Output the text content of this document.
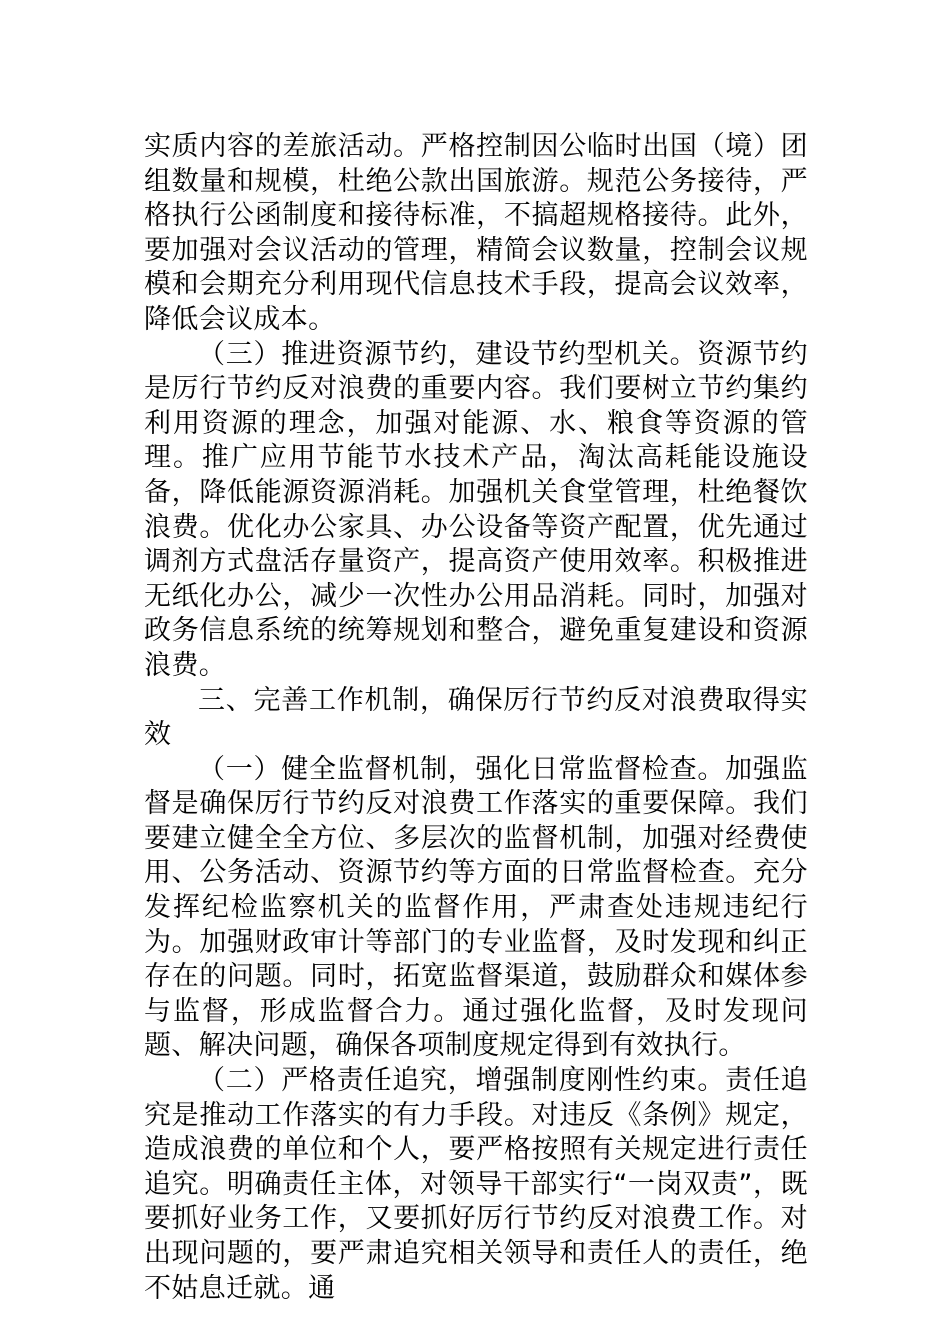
实质内容的差旅活动。严格控制因公临时出国（境）团组数量和规模，杜绝公款出国旅游。规范公务接待，严格执行公函制度和接待标准，不搞超规格接待。此外，要加强对会议活动的管理，精简会议数量，控制会议规模和会期充分利用现代信息技术手段，提高会议效率，降低会议成本。

（三）推进资源节约，建设节约型机关。资源节约是厉行节约反对浪费的重要内容。我们要树立节约集约利用资源的理念，加强对能源、水、粮食等资源的管理。推广应用节能节水技术产品，淘汰高耗能设施设备，降低能源资源消耗。加强机关食堂管理，杜绝餐饮浪费。优化办公家具、办公设备等资产配置，优先通过调剂方式盘活存量资产，提高资产使用效率。积极推进无纸化办公，减少一次性办公用品消耗。同时，加强对政务信息系统的统筹规划和整合，避免重复建设和资源浪费。

三、完善工作机制，确保厉行节约反对浪费取得实效

（一）健全监督机制，强化日常监督检查。加强监督是确保厉行节约反对浪费工作落实的重要保障。我们要建立健全全方位、多层次的监督机制，加强对经费使用、公务活动、资源节约等方面的日常监督检查。充分发挥纪检监察机关的监督作用，严肃查处违规违纪行为。加强财政审计等部门的专业监督，及时发现和纠正存在的问题。同时，拓宽监督渠道，鼓励群众和媒体参与监督，形成监督合力。通过强化监督，及时发现问题、解决问题，确保各项制度规定得到有效执行。

（二）严格责任追究，增强制度刚性约束。责任追究是推动工作落实的有力手段。对违反《条例》规定，造成浪费的单位和个人，要严格按照有关规定进行责任追究。明确责任主体，对领导干部实行“一岗双责”，既要抓好业务工作，又要抓好厉行节约反对浪费工作。对出现问题的，要严肃追究相关领导和责任人的责任，绝不姑息迁就。通
